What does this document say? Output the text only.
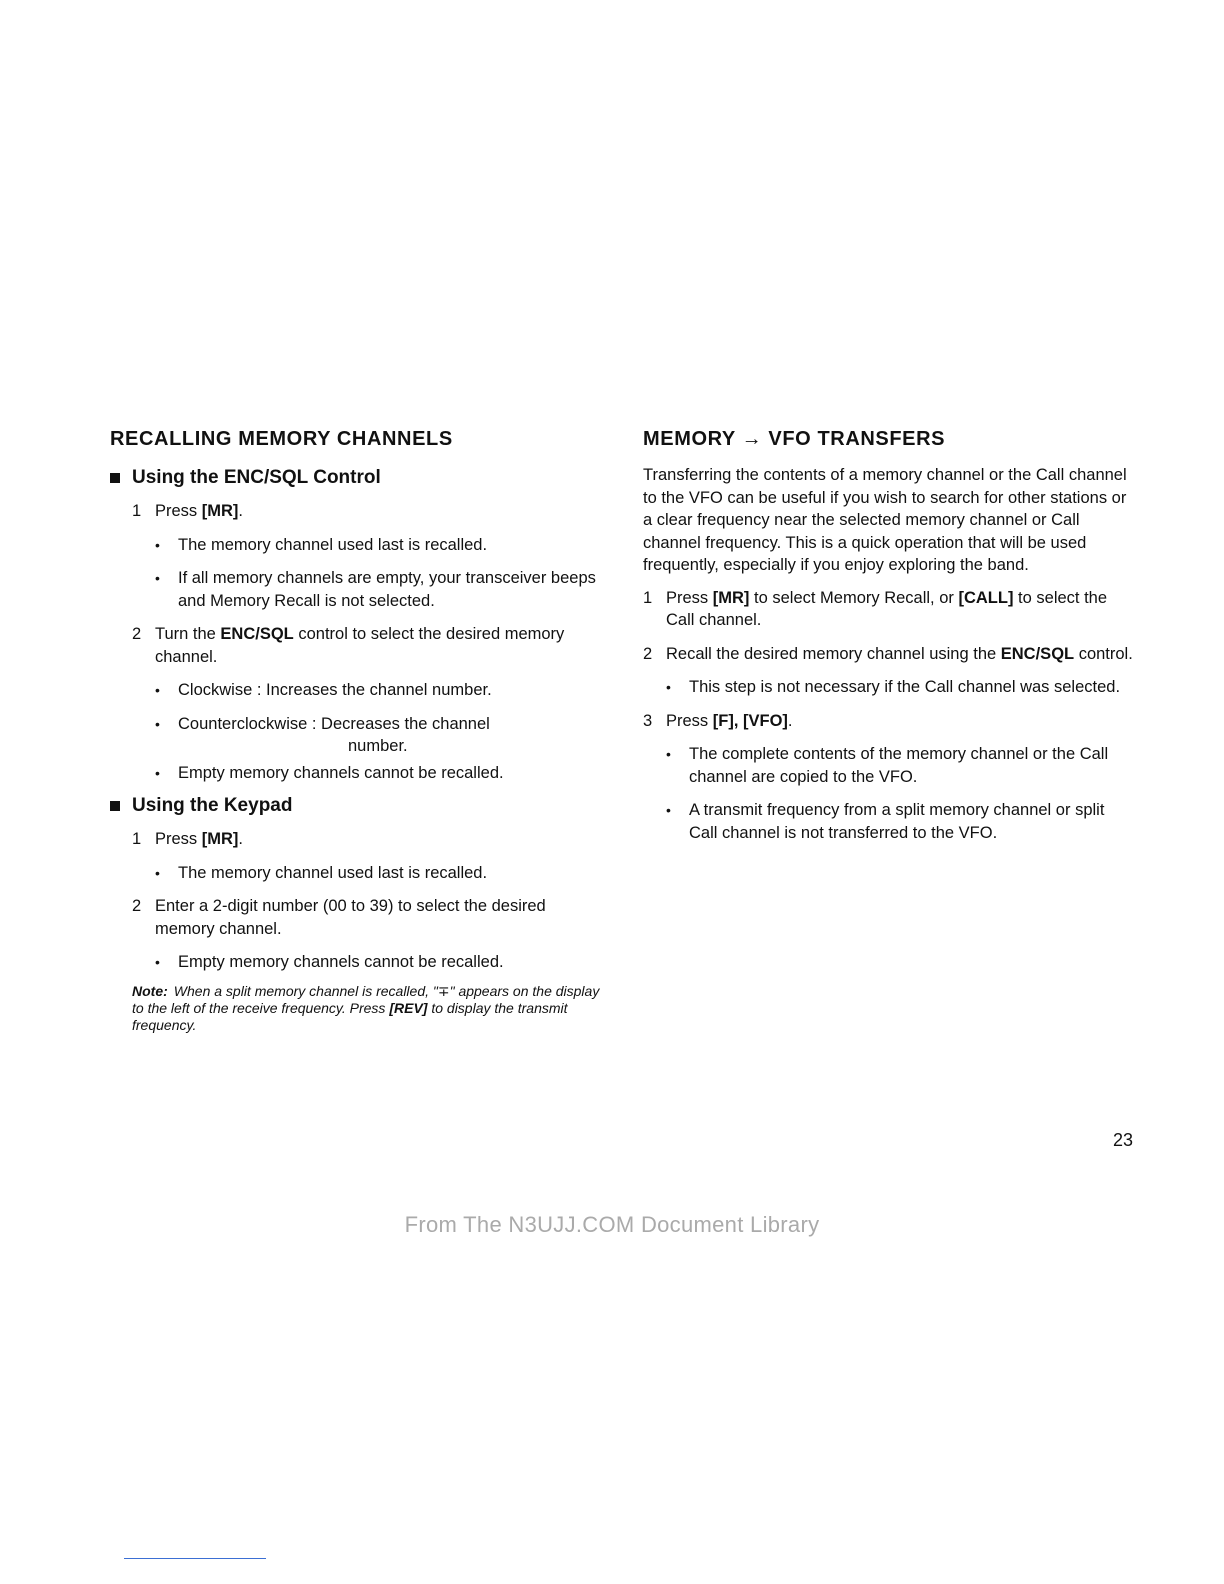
RECALLING MEMORY CHANNELS
Using the ENC/SQL Control
1 Press [MR].
•	The memory channel used last is recalled.
•	If all memory channels are empty, your transceiver beeps and Memory Recall is not selected.
2 Turn the ENC/SQL control to select the desired memory channel.
•	Clockwise : Increases the channel number.
•	Counterclockwise : Decreases the channel
number.
•	Empty memory channels cannot be recalled.
Using the Keypad
1 Press [MR].
•	The memory channel used last is recalled.
2 Enter a 2-digit number (00 to 39) to select the desired memory channel.
•	Empty memory channels cannot be recalled.
Note: When a split memory channel is recalled, "∓" appears on the display to the left of the receive frequency. Press [REV] to display the transmit frequency.
MEMORY → VFO TRANSFERS
Transferring the contents of a memory channel or the Call channel to the VFO can be useful if you wish to search for other stations or a clear frequency near the selected memory channel or Call channel frequency. This is a quick operation that will be used frequently, especially if you enjoy exploring the band.
1 Press [MR] to select Memory Recall, or [CALL] to select the Call channel.
2 Recall the desired memory channel using the ENC/SQL control.
•	This step is not necessary if the Call channel was selected.
3 Press [F], [VFO].
•	The complete contents of the memory channel or the Call channel are copied to the VFO.
•	A transmit frequency from a split memory channel or split Call channel is not transferred to the VFO.
23
From The N3UJJ.COM Document Library
